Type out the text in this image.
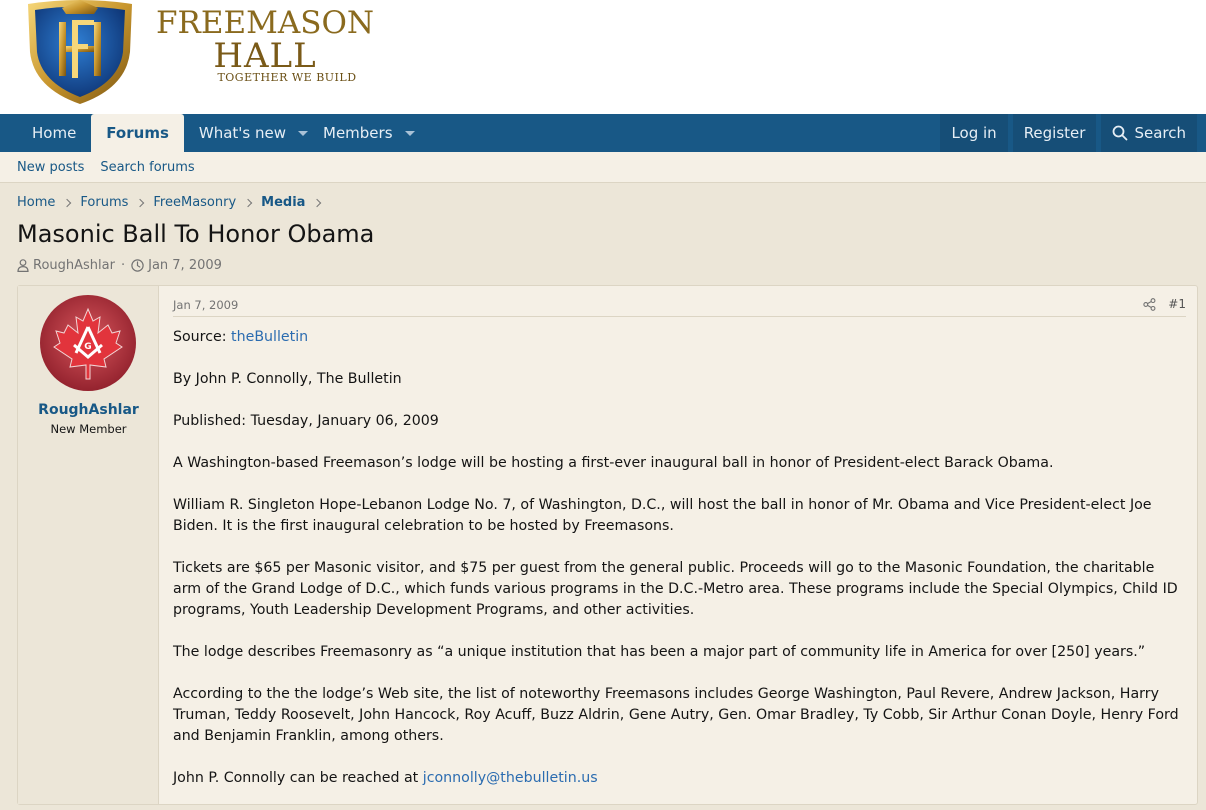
FREEMASON
HALL
TOGETHER WE BUILD
Home	Forums	What's new Members	Log in	Register	Search
New posts Search forums
Home Forums FreeMasonry Media
Masonic Ball To Honor Obama
RoughAshlar · Jan 7, 2009
G
RoughAshlar
New Member
Jan 7, 2009	#1

Source: theBulletin

By John P. Connolly, The Bulletin

Published: Tuesday, January 06, 2009

A Washington-based Freemason’s lodge will be hosting a first-ever inaugural ball in honor of President-elect Barack Obama.

William R. Singleton Hope-Lebanon Lodge No. 7, of Washington, D.C., will host the ball in honor of Mr. Obama and Vice President-elect Joe Biden. It is the first inaugural celebration to be hosted by Freemasons.

Tickets are $65 per Masonic visitor, and $75 per guest from the general public. Proceeds will go to the Masonic Foundation, the charitable arm of the Grand Lodge of D.C., which funds various programs in the D.C.-Metro area. These programs include the Special Olympics, Child ID programs, Youth Leadership Development Programs, and other activities.

The lodge describes Freemasonry as “a unique institution that has been a major part of community life in America for over [250] years.”

According to the the lodge’s Web site, the list of noteworthy Freemasons includes George Washington, Paul Revere, Andrew Jackson, Harry Truman, Teddy Roosevelt, John Hancock, Roy Acuff, Buzz Aldrin, Gene Autry, Gen. Omar Bradley, Ty Cobb, Sir Arthur Conan Doyle, Henry Ford and Benjamin Franklin, among others.

John P. Connolly can be reached at jconnolly@thebulletin.us
